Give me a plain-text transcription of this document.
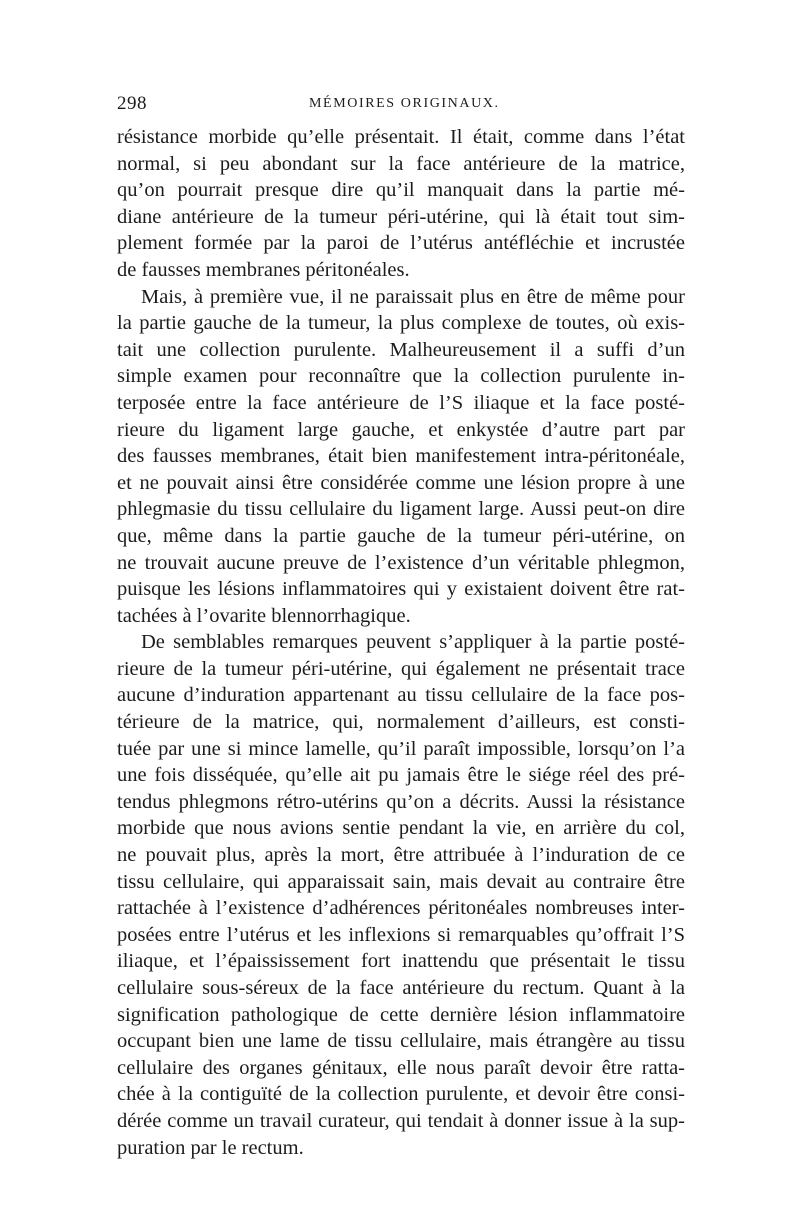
298	MÉMOIRES ORIGINAUX.
résistance morbide qu’elle présentait. Il était, comme dans l’état
normal, si peu abondant sur la face antérieure de la matrice,
qu’on pourrait presque dire qu’il manquait dans la partie mé-
diane antérieure de la tumeur péri-utérine, qui là était tout sim-
plement formée par la paroi de l’utérus antéfléchie et incrustée
de fausses membranes péritonéales.
Mais, à première vue, il ne paraissait plus en être de même pour
la partie gauche de la tumeur, la plus complexe de toutes, où exis-
tait une collection purulente. Malheureusement il a suffi d’un
simple examen pour reconnaître que la collection purulente in-
terposée entre la face antérieure de l’S iliaque et la face posté-
rieure du ligament large gauche, et enkystée d’autre part par
des fausses membranes, était bien manifestement intra-péritonéale,
et ne pouvait ainsi être considérée comme une lésion propre à une
phlegmasie du tissu cellulaire du ligament large. Aussi peut-on dire
que, même dans la partie gauche de la tumeur péri-utérine, on
ne trouvait aucune preuve de l’existence d’un véritable phlegmon,
puisque les lésions inflammatoires qui y existaient doivent être rat-
tachées à l’ovarite blennorrhagique.
De semblables remarques peuvent s’appliquer à la partie posté-
rieure de la tumeur péri-utérine, qui également ne présentait trace
aucune d’induration appartenant au tissu cellulaire de la face pos-
térieure de la matrice, qui, normalement d’ailleurs, est consti-
tuée par une si mince lamelle, qu’il paraît impossible, lorsqu’on l’a
une fois disséquée, qu’elle ait pu jamais être le siége réel des pré-
tendus phlegmons rétro-utérins qu’on a décrits. Aussi la résistance
morbide que nous avions sentie pendant la vie, en arrière du col,
ne pouvait plus, après la mort, être attribuée à l’induration de ce
tissu cellulaire, qui apparaissait sain, mais devait au contraire être
rattachée à l’existence d’adhérences péritonéales nombreuses inter-
posées entre l’utérus et les inflexions si remarquables qu’offrait l’S
iliaque, et l’épaississement fort inattendu que présentait le tissu
cellulaire sous-séreux de la face antérieure du rectum. Quant à la
signification pathologique de cette dernière lésion inflammatoire
occupant bien une lame de tissu cellulaire, mais étrangère au tissu
cellulaire des organes génitaux, elle nous paraît devoir être ratta-
chée à la contiguïté de la collection purulente, et devoir être consi-
dérée comme un travail curateur, qui tendait à donner issue à la sup-
puration par le rectum.
